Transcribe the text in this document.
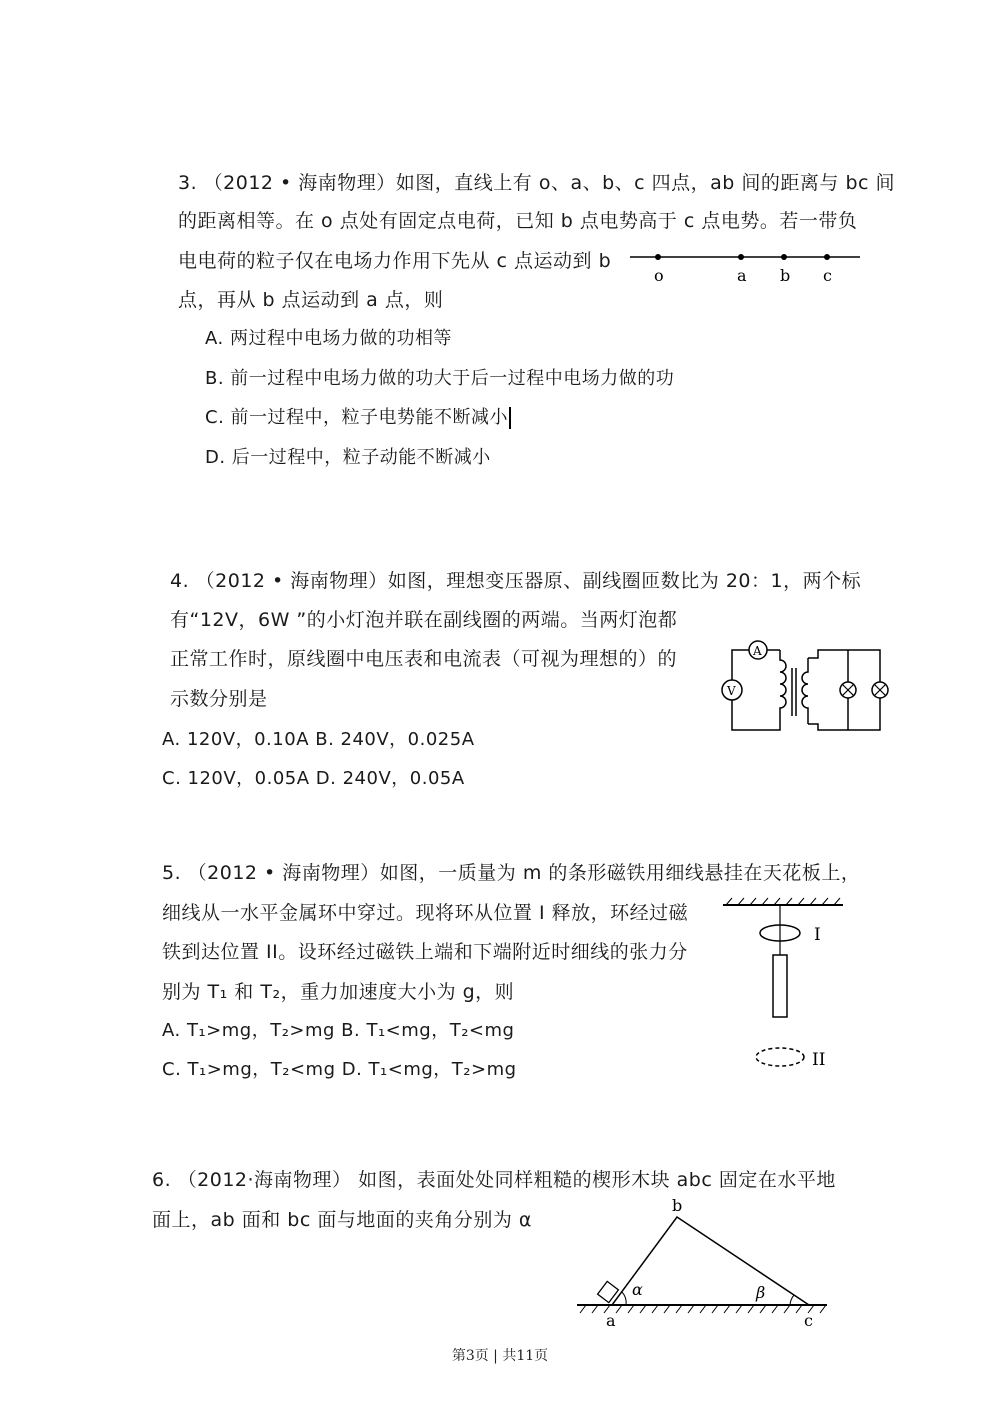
3. （2012 • 海南物理）如图，直线上有 o、a、b、c 四点，ab 间的距离与 bc 间
的距离相等。在 o 点处有固定点电荷，已知 b 点电势高于 c 点电势。若一带负
电电荷的粒子仅在电场力作用下先从 c 点运动到 b
点，再从 b 点运动到 a 点，则
A. 两过程中电场力做的功相等
B. 前一过程中电场力做的功大于后一过程中电场力做的功
C. 前一过程中，粒子电势能不断减小
D. 后一过程中，粒子动能不断减小
o	a b c
4. （2012 • 海南物理）如图，理想变压器原、副线圈匝数比为 20：1，两个标
有“12V，6W ”的小灯泡并联在副线圈的两端。当两灯泡都
正常工作时，原线圈中电压表和电流表（可视为理想的）的
示数分别是
A. 120V，0.10A B. 240V，0.025A
C. 120V，0.05A D. 240V，0.05A
A
V
5. （2012 • 海南物理）如图，一质量为 m 的条形磁铁用细线悬挂在天花板上，
细线从一水平金属环中穿过。现将环从位置 I 释放，环经过磁
铁到达位置 II。设环经过磁铁上端和下端附近时细线的张力分
别为 T₁ 和 T₂，重力加速度大小为 g，则
A. T₁>mg，T₂>mg B. T₁<mg，T₂<mg
C. T₁>mg，T₂<mg D. T₁<mg，T₂>mg
I
II
6. （2012·海南物理） 如图，表面处处同样粗糙的楔形木块 abc 固定在水平地
面上，ab 面和 bc 面与地面的夹角分别为 α
b
a	c
α	β
第3页 | 共11页
